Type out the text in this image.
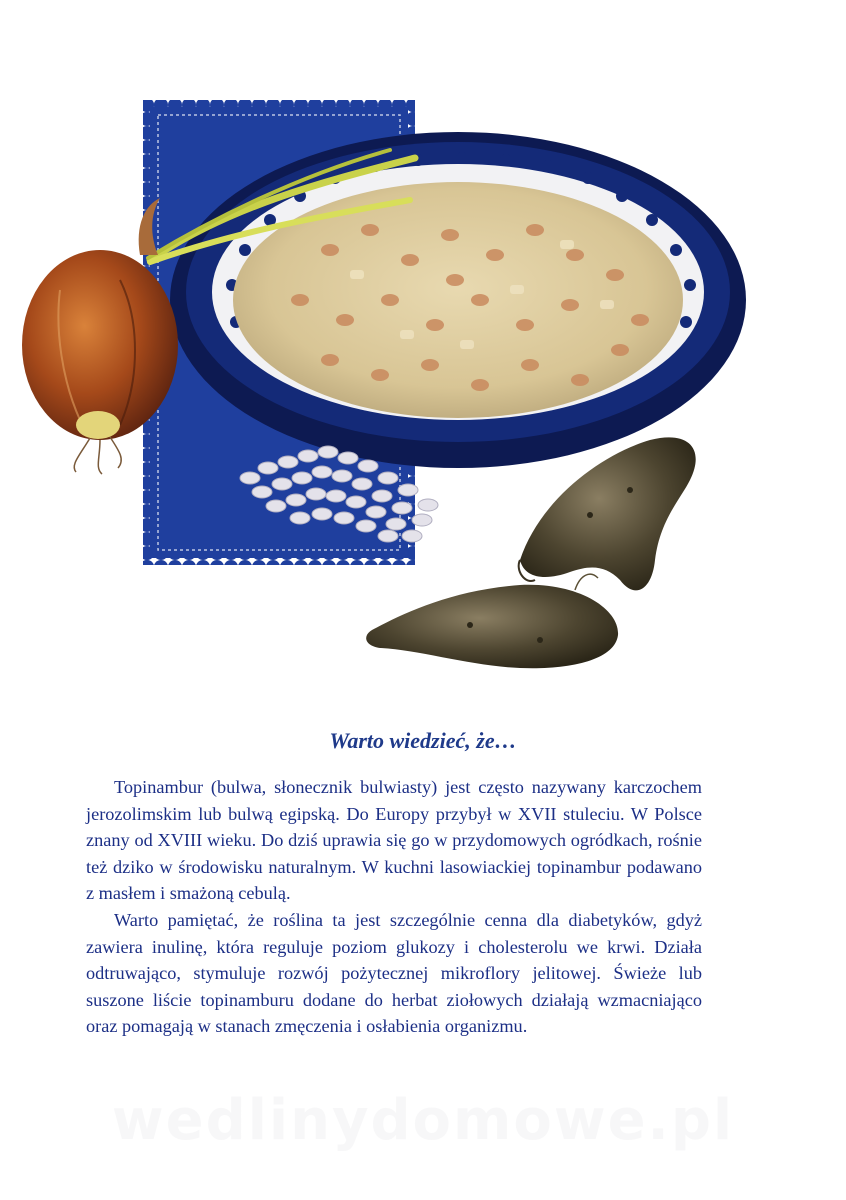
Warto wiedzieć, że…

Topinambur (bulwa, słonecznik bulwiasty) jest często nazywany karczochem jerozolimskim lub bulwą egipską. Do Europy przybył w XVII stuleciu. W Polsce znany od XVIII wieku. Do dziś uprawia się go w przydomowych ogródkach, rośnie też dziko w środowisku naturalnym. W kuchni lasowiackiej topinambur podawano z masłem i smażoną cebulą.

Warto pamiętać, że roślina ta jest szczególnie cenna dla diabetyków, gdyż zawiera inulinę, która reguluje poziom glukozy i cholesterolu we krwi. Działa odtruwająco, stymuluje rozwój pożytecznej mikroflory jelitowej. Świeże lub suszone liście topinamburu dodane do herbat ziołowych działają wzmacniająco oraz pomagają w stanach zmęczenia i osłabienia organizmu.

wedlinydomowe.pl
